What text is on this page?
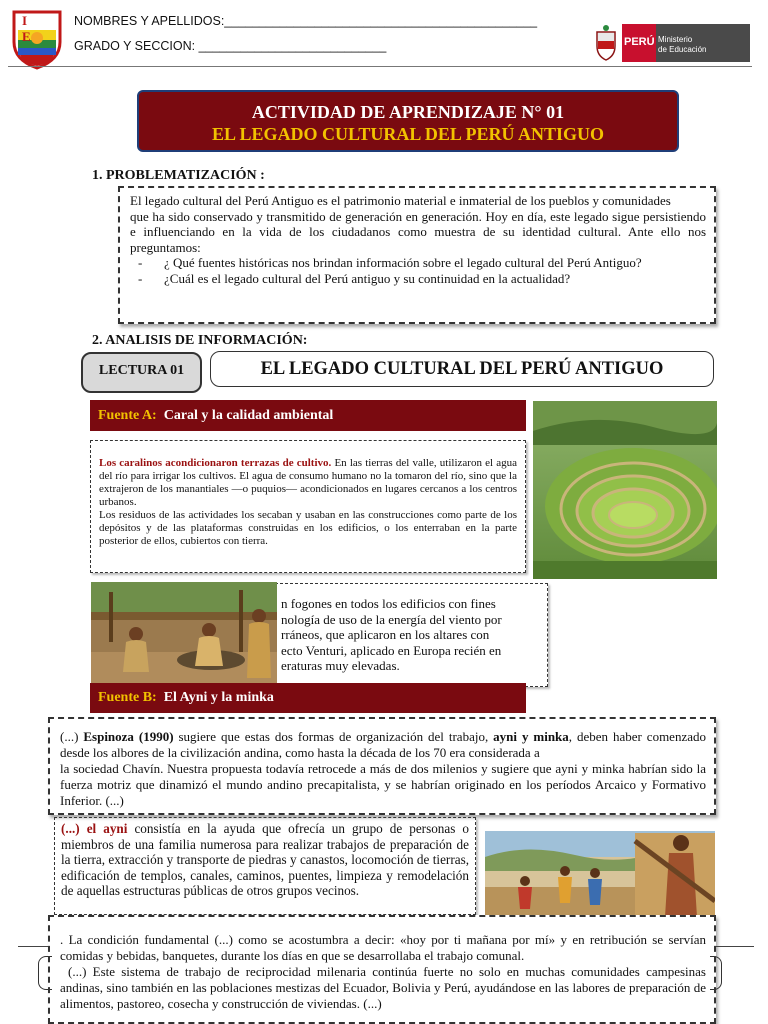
I E
NOMBRES Y APELLIDOS:_____________________________________________
GRADO Y SECCION: ___________________________	PERÚ Ministerio
de Educación
ACTIVIDAD DE APRENDIZAJE N° 01
EL LEGADO CULTURAL DEL PERÚ ANTIGUO
1. PROBLEMATIZACIÓN :

El legado cultural del Perú Antiguo es el patrimonio material e inmaterial de los pueblos y comunidades

que ha sido conservado y transmitido de generación en generación. Hoy en día, este legado sigue persistiendo e influenciando en la vida de los ciudadanos como muestra de su identidad cultural. Ante ello nos preguntamos:

-	¿ Qué fuentes históricas nos brindan información sobre el legado cultural del Perú Antiguo?
-	¿Cuál es el legado cultural del Perú antiguo y su continuidad en la actualidad?
2. ANALISIS DE INFORMACIÓN:
LECTURA 01	EL LEGADO CULTURAL DEL PERÚ ANTIGUO
Fuente A: Caral y la calidad ambiental

Los caralinos acondicionaron terrazas de cultivo. En las tierras del valle, utilizaron el agua del río para irrigar los cultivos. El agua de consumo humano no la tomaron del río, sino que la extrajeron de los manantiales —o puquios— acondicionados en lugares cercanos a los centros urbanos.

Los residuos de las actividades los secaban y usaban en las construcciones como parte de los depósitos y de las plataformas construidas en los edificios, o los enterraban en la parte posterior de ellos, cubiertos con tierra.

n fogones en todos los edificios con fines
nología de uso de la energía del viento por
rráneos, que aplicaron en los altares con
ecto Venturi, aplicado en Europa recién en
eraturas muy elevadas.
Fuente B: El Ayni y la minka

(...) Espinoza (1990) sugiere que estas dos formas de organización del trabajo, ayni y minka, deben haber comenzado desde los albores de la civilización andina, como hasta la década de los 70 era considerada a

la sociedad Chavín. Nuestra propuesta todavía retrocede a más de dos milenios y sugiere que ayni y minka habrían sido la fuerza motriz que dinamizó el mundo andino precapitalista, y se habrían originado en los períodos Arcaico y Formativo Inferior. (...)

(...) el ayni consistía en la ayuda que ofrecía un grupo de personas o miembros de una familia numerosa para realizar trabajos de preparación de la tierra, extracción y transporte de piedras y canastos, locomoción de tierras, edificación de templos, canales, caminos, puentes, limpieza y remodelación de aquellas estructuras públicas de otros grupos vecinos.

. La condición fundamental (...) como se acostumbra a decir: «hoy por ti mañana por mí» y en retribución se servían comidas y bebidas, banquetes, durante los días en que se desarrollaba el trabajo comunal.

(...) Este sistema de trabajo de reciprocidad milenaria continúa fuerte no solo en muchas comunidades campesinas andinas, sino también en las poblaciones mestizas del Ecuador, Bolivia y Perú, ayudándose en las labores de preparación de alimentos, pastoreo, cosecha y construcción de viviendas. (...)
